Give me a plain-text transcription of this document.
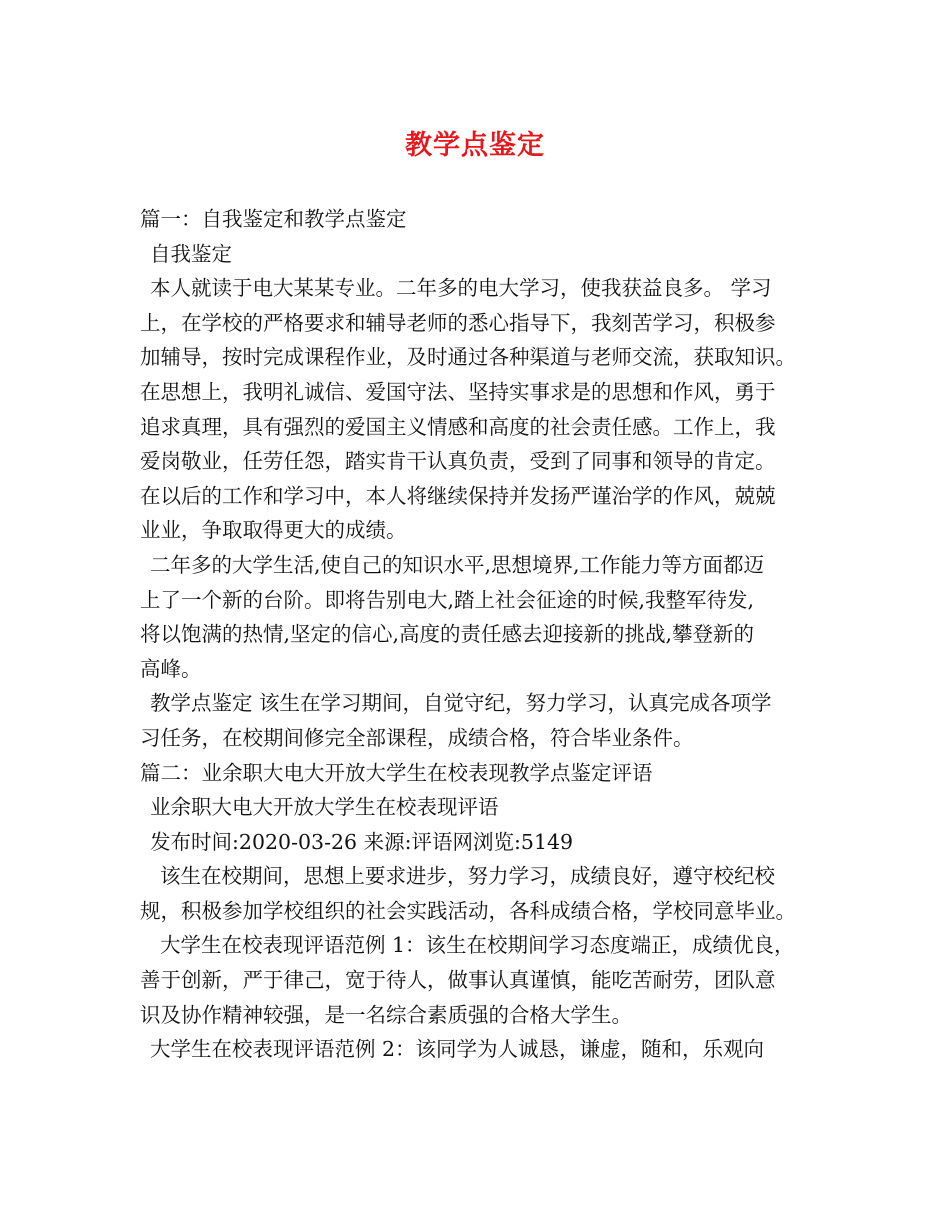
教学点鉴定

篇一：自我鉴定和教学点鉴定

自我鉴定

本人就读于电大某某专业。二年多的电大学习，使我获益良多。 学习

上，在学校的严格要求和辅导老师的悉心指导下，我刻苦学习，积极参

加辅导，按时完成课程作业，及时通过各种渠道与老师交流，获取知识。

在思想上，我明礼诚信、爱国守法、坚持实事求是的思想和作风，勇于

追求真理，具有强烈的爱国主义情感和高度的社会责任感。工作上，我

爱岗敬业，任劳任怨，踏实肯干认真负责，受到了同事和领导的肯定。

在以后的工作和学习中，本人将继续保持并发扬严谨治学的作风，兢兢

业业，争取取得更大的成绩。

二年多的大学生活,使自己的知识水平,思想境界,工作能力等方面都迈

上了一个新的台阶。即将告别电大,踏上社会征途的时候,我整军待发,

将以饱满的热情,坚定的信心,高度的责任感去迎接新的挑战,攀登新的

高峰。

教学点鉴定 该生在学习期间，自觉守纪，努力学习，认真完成各项学

习任务，在校期间修完全部课程，成绩合格，符合毕业条件。

篇二：业余职大电大开放大学生在校表现教学点鉴定评语

业余职大电大开放大学生在校表现评语

发布时间:2020-03-26 来源:评语网浏览:5149

该生在校期间，思想上要求进步，努力学习，成绩良好，遵守校纪校

规，积极参加学校组织的社会实践活动，各科成绩合格，学校同意毕业。

大学生在校表现评语范例 1：该生在校期间学习态度端正，成绩优良，

善于创新，严于律己，宽于待人，做事认真谨慎，能吃苦耐劳，团队意

识及协作精神较强，是一名综合素质强的合格大学生。

大学生在校表现评语范例 2：该同学为人诚恳，谦虚，随和，乐观向
